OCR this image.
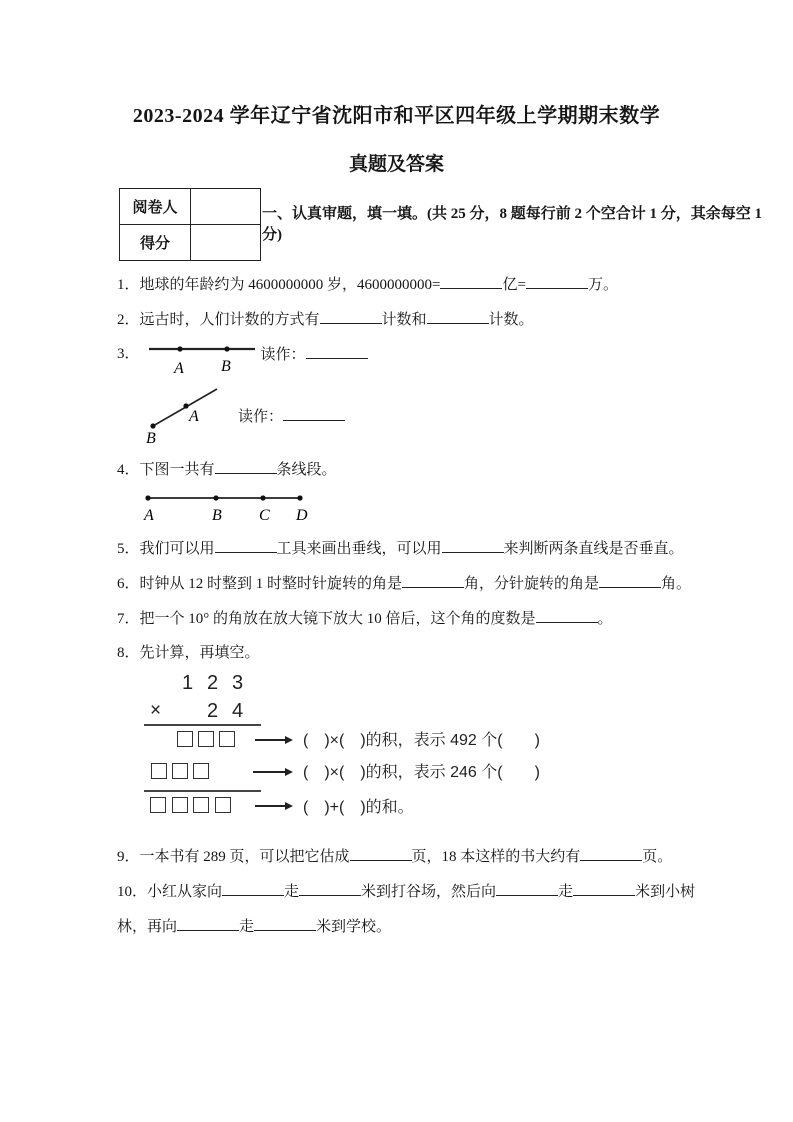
2023-2024 学年辽宁省沈阳市和平区四年级上学期期末数学
真题及答案
阅卷人	
得分	
一、认真审题，填一填。(共 25 分，8 题每行前 2 个空合计 1 分，其余每空 1 分)
1．地球的年龄约为 4600000000 岁，4600000000=	亿=	万。
2．远古时，人们计数的方式有	计数和	计数。
3．
A B
读作：
A
B
读作：
4．下图一共有	条线段。
A	B C D
5．我们可以用	工具来画出垂线，可以用	来判断两条直线是否垂直。
6．时钟从 12 时整到 1 时整时针旋转的角是	角，分针旋转的角是	角。
7．把一个 10° 的角放在放大镜下放大 10 倍后，这个角的度数是	。
8．先计算，再填空。
1 2 3
×	2 4
(　)×(　)的积，表示 492 个(　　)
(　)×(　)的积，表示 246 个(　　)
(　)+(　)的和。
9．一本书有 289 页，可以把它估成	页，18 本这样的书大约有	页。
10．小红从家向	走	米到打谷场，然后向	走	米到小树
林，再向	走	米到学校。
